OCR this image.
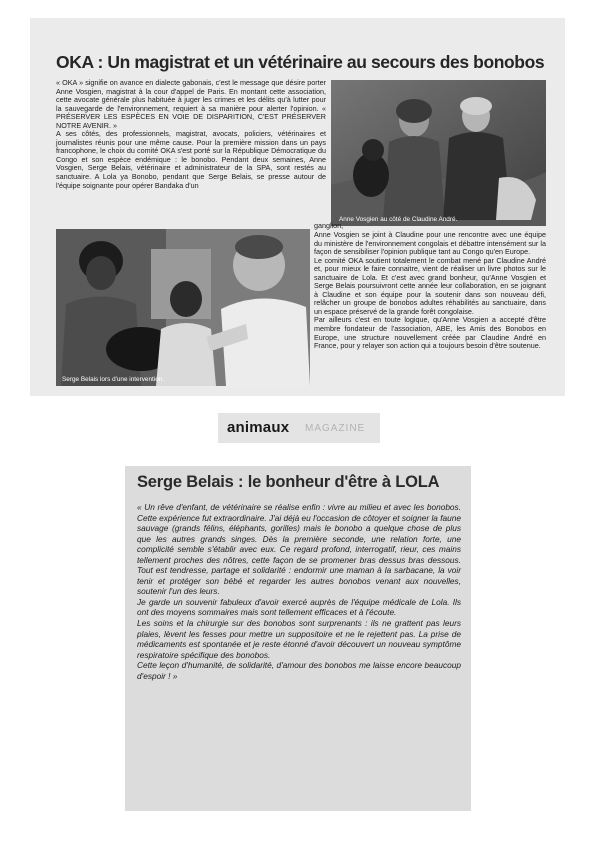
OKA : Un magistrat et un vétérinaire au secours des bonobos

« OKA » signifie on avance en dialecte gabonais, c'est le message que désire porter Anne Vosgien, magistrat à la cour d'appel de Paris. En montant cette association, cette avocate générale plus habituée à juger les crimes et les délits qu'à lutter pour la sauvegarde de l'environnement, requiert à sa manière pour alerter l'opinion. « PRÉSERVER LES ESPÈCES EN VOIE DE DISPARITION, C'EST PRÉSERVER NOTRE AVENIR. »

A ses côtés, des professionnels, magistrat, avocats, policiers, vétérinaires et journalistes réunis pour une même cause. Pour la première mission dans un pays francophone, le choix du comité OKA s'est porté sur la République Démocratique du Congo et son espèce endémique : le bonobo. Pendant deux semaines, Anne Vosgien, Serge Belais, vétérinaire et administrateur de la SPA, sont restés au sanctuaire. A Lola ya Bonobo, pendant que Serge Belais, se presse autour de l'équipe soignante pour opérer Bandaka d'un

Anne Vosgien au côté de Claudine André.
ganglion,
Serge Belais lors d'une intervention.

Anne Vosgien se joint à Claudine pour une rencontre avec une équipe du ministère de l'environnement congolais et débattre intensément sur la façon de sensibiliser l'opinion publique tant au Congo qu'en Europe.

Le comité OKA soutient totalement le combat mené par Claudine André et, pour mieux le faire connaitre, vient de réaliser un livre photos sur le sanctuaire de Lola. Et c'est avec grand bonheur, qu'Anne Vosgien et Serge Belais poursuivront cette année leur collaboration, en se joignant à Claudine et son équipe pour la soutenir dans son nouveau défi, relâcher un groupe de bonobos adultes réhabilités au sanctuaire, dans un espace préservé de la grande forêt congolaise.

Par ailleurs c'est en toute logique, qu'Anne Vosgien a accepté d'être membre fondateur de l'association, ABE, les Amis des Bonobos en Europe, une structure nouvellement créée par Claudine André en France, pour y relayer son action qui a toujours besoin d'être soutenue.

animaux MAGAZINE
Serge Belais : le bonheur d'être à LOLA

« Un rêve d'enfant, de vétérinaire se réalise enfin : vivre au milieu et avec les bonobos. Cette expérience fut extraordinaire. J'ai déjà eu l'occasion de côtoyer et soigner la faune sauvage (grands félins, éléphants, gorilles) mais le bonobo a quelque chose de plus que les autres grands singes. Dès la première seconde, une relation forte, une complicité semble s'établir avec eux. Ce regard profond, interrogatif, rieur, ces mains tellement proches des nôtres, cette façon de se promener bras dessus bras dessous. Tout est tendresse, partage et solidarité : endormir une maman à la sarbacane, la voir tenir et protéger son bébé et regarder les autres bonobos venant aux nouvelles, soutenir l'un des leurs.

Je garde un souvenir fabuleux d'avoir exercé auprès de l'équipe médicale de Lola. Ils ont des moyens sommaires mais sont tellement efficaces et à l'écoute.

Les soins et la chirurgie sur des bonobos sont surprenants : ils ne grattent pas leurs plaies, lèvent les fesses pour mettre un suppositoire et ne le rejettent pas. La prise de médicaments est spontanée et je reste étonné d'avoir découvert un nouveau symptôme respiratoire spécifique des bonobos.

Cette leçon d'humanité, de solidarité, d'amour des bonobos me laisse encore beaucoup d'espoir ! »
